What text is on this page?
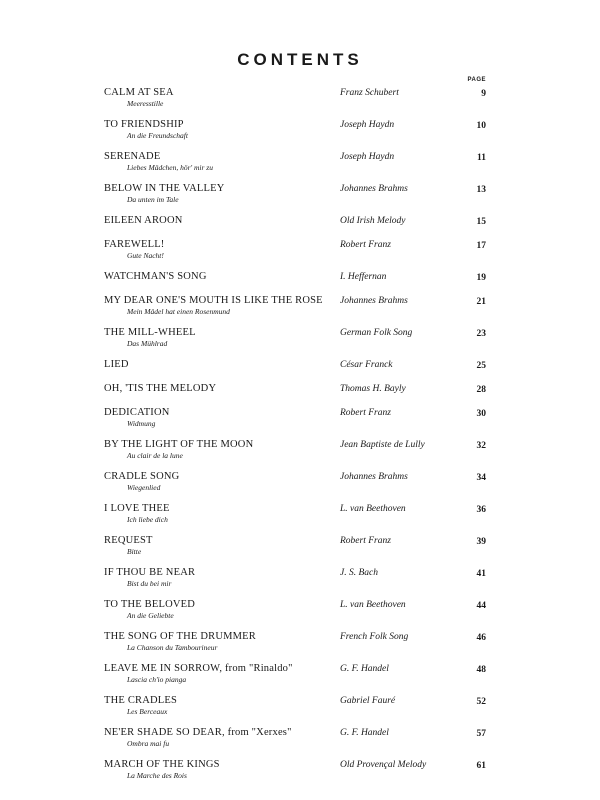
CONTENTS
PAGE
CALM AT SEA
Meeresstille
Franz Schubert	9
TO FRIENDSHIP
An die Freundschaft
Joseph Haydn	10
SERENADE
Liebes Mädchen, hör' mir zu
Joseph Haydn	11
BELOW IN THE VALLEY
Da unten im Tale
Johannes Brahms	13
EILEEN AROON	Old Irish Melody	15
FAREWELL!
Gute Nacht!
Robert Franz	17
WATCHMAN'S SONG	I. Heffernan	19
MY DEAR ONE'S MOUTH IS LIKE THE ROSE
Mein Mädel hat einen Rosenmund
Johannes Brahms	21
THE MILL-WHEEL
Das Mühlrad
German Folk Song	23
LIED	César Franck	25
OH, 'TIS THE MELODY	Thomas H. Bayly	28
DEDICATION
Widmung
Robert Franz	30
BY THE LIGHT OF THE MOON
Au clair de la lune
Jean Baptiste de Lully	32
CRADLE SONG
Wiegenlied
Johannes Brahms	34
I LOVE THEE
Ich liebe dich
L. van Beethoven	36
REQUEST
Bitte
Robert Franz	39
IF THOU BE NEAR
Bist du bei mir
J. S. Bach	41
TO THE BELOVED
An die Geliebte
L. van Beethoven	44
THE SONG OF THE DRUMMER
La Chanson du Tambourineur
French Folk Song	46
LEAVE ME IN SORROW, from "Rinaldo"
Lascia ch'io pianga
G. F. Handel	48
THE CRADLES
Les Berceaux
Gabriel Fauré	52
NE'ER SHADE SO DEAR, from "Xerxes"
Ombra mai fu
G. F. Handel	57
MARCH OF THE KINGS
La Marche des Rois
Old Provençal Melody	61
